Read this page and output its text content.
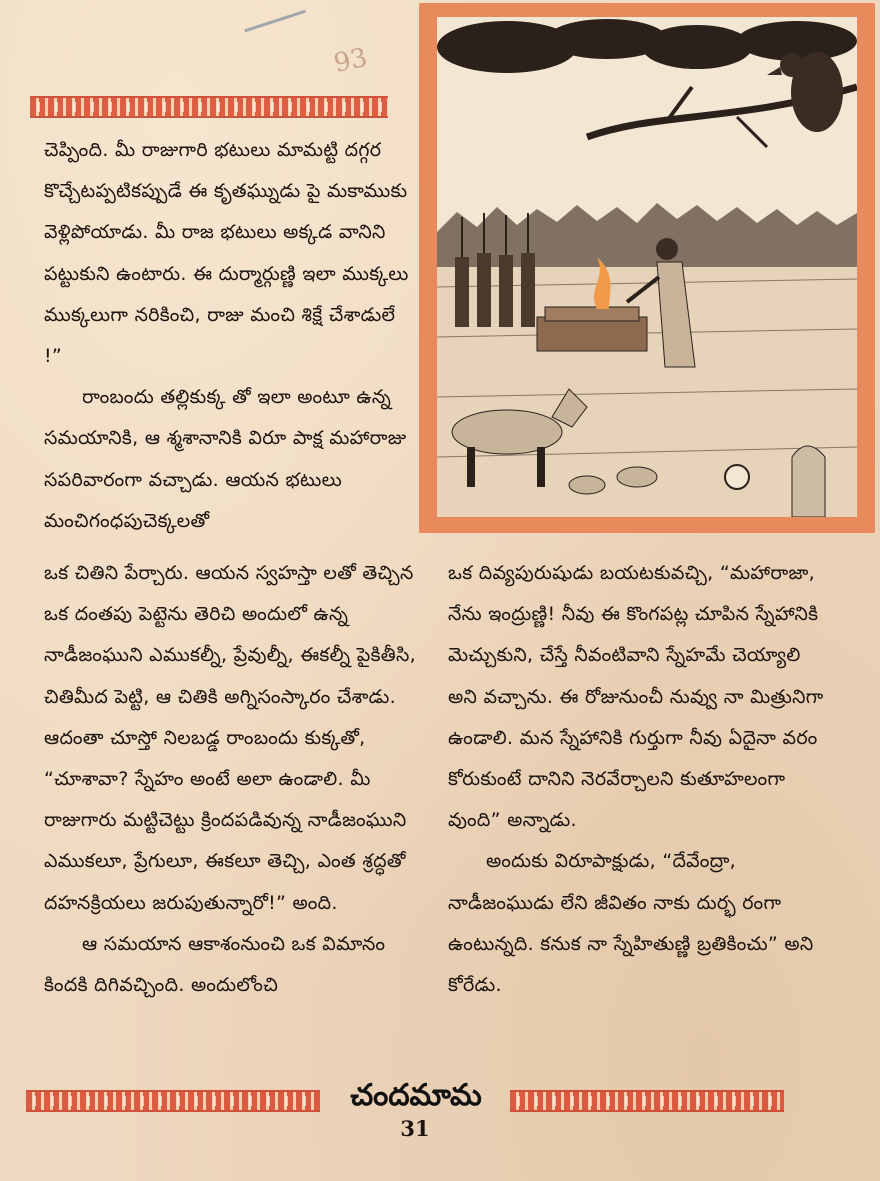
93

చెప్పింది. మీ రాజుగారి భటులు మామట్టి దగ్గర కొచ్చేటప్పటికప్పుడే ఈ కృతఘ్నుడు పై మకాముకు వెళ్లిపోయాడు. మీ రాజ భటులు అక్కడ వానిని పట్టుకుని ఉంటారు. ఈ దుర్మార్గుణ్ణి ఇలా ముక్కలు ముక్కలుగా నరికించి, రాజు మంచి శిక్షే చేశాడులే !”

రాంబందు తల్లికుక్క తో ఇలా అంటూ ఉన్న సమయానికి, ఆ శ్మశానానికి విరూ పాక్ష మహారాజు సపరివారంగా వచ్చాడు. ఆయన భటులు మంచిగంధపుచెక్కలతో

ఒక చితిని పేర్చారు. ఆయన స్వహస్తా లతో తెచ్చిన ఒక దంతపు పెట్టెను తెరిచి అందులో ఉన్న నాడీజంఘుని ఎముకల్నీ, ప్రేవుల్నీ, ఈకల్నీ పైకితీసి, చితిమీద పెట్టి, ఆ చితికి అగ్నిసంస్కారం చేశాడు. ఆదంతా చూస్తో నిలబడ్డ రాంబందు కుక్కతో, “చూశావా? స్నేహం అంటే అలా ఉండాలి. మీ రాజుగారు మట్టిచెట్టు క్రిందపడివున్న నాడీజంఘుని ఎముకలూ, ప్రేగులూ, ఈకలూ తెచ్చి, ఎంత శ్రద్ధతో దహనక్రియలు జరుపుతున్నారో!” అంది.

ఆ సమయాన ఆకాశంనుంచి ఒక విమానం కిందకి దిగివచ్చింది. అందులోంచి

ఒక దివ్యపురుషుడు బయటకువచ్చి, “మహారాజా, నేను ఇంద్రుణ్ణి! నీవు ఈ కొంగపట్ల చూపిన స్నేహానికి మెచ్చుకుని, చేస్తే నీవంటివాని స్నేహమే చెయ్యాలి అని వచ్చాను. ఈ రోజునుంచీ నువ్వు నా మిత్రునిగా ఉండాలి. మన స్నేహానికి గుర్తుగా నీవు ఏదైనా వరం కోరుకుంటే దానిని నెరవేర్చాలని కుతూహలంగా వుంది” అన్నాడు.

అందుకు విరూపాక్షుడు, “దేవేంద్రా, నాడీజంఘుడు లేని జీవితం నాకు దుర్భ రంగా ఉంటున్నది. కనుక నా స్నేహితుణ్ణి బ్రతికించు” అని కోరేడు.

చందమామ
31
